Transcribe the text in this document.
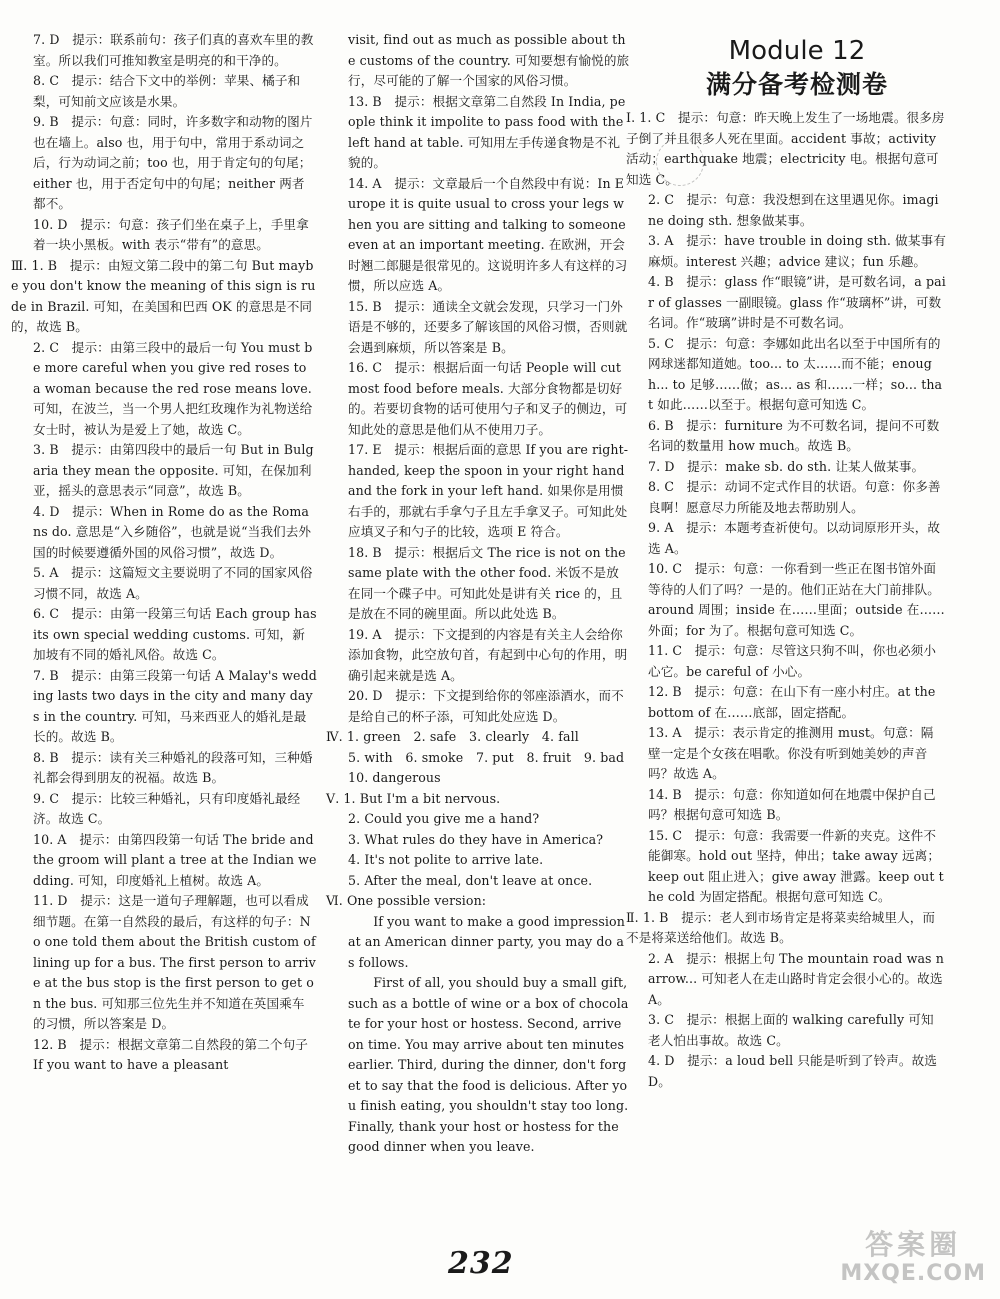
7. D　提示：联系前句：孩子们真的喜欢车里的教室。所以我们可推知教室是明亮的和干净的。

8. C　提示：结合下文中的举例：苹果、橘子和梨，可知前文应该是水果。

9. B　提示：句意：同时，许多数字和动物的图片也在墙上。also 也，用于句中，常用于系动词之后，行为动词之前；too 也，用于肯定句的句尾；either 也，用于否定句中的句尾；neither 两者都不。

10. D　提示：句意：孩子们坐在桌子上，手里拿着一块小黑板。with 表示“带有”的意思。

Ⅲ. 1. B　提示：由短文第二段中的第二句 But maybe you don't know the meaning of this sign is rude in Brazil. 可知，在美国和巴西 OK 的意思是不同的，故选 B。

2. C　提示：由第三段中的最后一句 You must be more careful when you give red roses to a woman because the red rose means love. 可知，在波兰，当一个男人把红玫瑰作为礼物送给女士时，被认为是爱上了她，故选 C。

3. B　提示：由第四段中的最后一句 But in Bulgaria they mean the opposite. 可知，在保加利亚，摇头的意思表示“同意”，故选 B。

4. D　提示：When in Rome do as the Romans do. 意思是“入乡随俗”，也就是说“当我们去外国的时候要遵循外国的风俗习惯”，故选 D。

5. A　提示：这篇短文主要说明了不同的国家风俗习惯不同，故选 A。

6. C　提示：由第一段第三句话 Each group has its own special wedding customs. 可知，新加坡有不同的婚礼风俗。故选 C。

7. B　提示：由第三段第一句话 A Malay's wedding lasts two days in the city and many days in the country. 可知，马来西亚人的婚礼是最长的。故选 B。

8. B　提示：读有关三种婚礼的段落可知，三种婚礼都会得到朋友的祝福。故选 B。

9. C　提示：比较三种婚礼，只有印度婚礼最经济。故选 C。

10. A　提示：由第四段第一句话 The bride and the groom will plant a tree at the Indian wedding. 可知，印度婚礼上植树。故选 A。

11. D　提示：这是一道句子理解题，也可以看成细节题。在第一自然段的最后，有这样的句子：No one told them about the British custom of lining up for a bus. The first person to arrive at the bus stop is the first person to get on the bus. 可知那三位先生并不知道在英国乘车的习惯，所以答案是 D。

12. B　提示：根据文章第二自然段的第二个句子 If you want to have a pleasant

visit, find out as much as possible about the customs of the country. 可知要想有愉悦的旅行，尽可能的了解一个国家的风俗习惯。

13. B　提示：根据文章第二自然段 In India, people think it impolite to pass food with the left hand at table. 可知用左手传递食物是不礼貌的。

14. A　提示：文章最后一个自然段中有说：In Europe it is quite usual to cross your legs when you are sitting and talking to someone even at an important meeting. 在欧洲，开会时翘二郎腿是很常见的。这说明许多人有这样的习惯，所以应选 A。

15. B　提示：通读全文就会发现，只学习一门外语是不够的，还要多了解该国的风俗习惯，否则就会遇到麻烦，所以答案是 B。

16. C　提示：根据后面一句话 People will cut most food before meals. 大部分食物都是切好的。若要切食物的话可使用勺子和叉子的侧边，可知此处的意思是他们从不使用刀子。

17. E　提示：根据后面的意思 If you are right-handed, keep the spoon in your right hand and the fork in your left hand. 如果你是用惯右手的，那就右手拿勺子且左手拿叉子。可知此处应填叉子和勺子的比较，选项 E 符合。

18. B　提示：根据后文 The rice is not on the same plate with the other food. 米饭不是放在同一个碟子中。可知此处是讲有关 rice 的，且是放在不同的碗里面。所以此处选 B。

19. A　提示：下文提到的内容是有关主人会给你添加食物，此空放句首，有起到中心句的作用，明确引起来就是选 A。

20. D　提示：下文提到给你的邻座添酒水，而不是给自己的杯子添，可知此处应选 D。

Ⅳ. 1. green　2. safe　3. clearly　4. fall

5. with　6. smoke　7. put　8. fruit　9. bad

10. dangerous

Ⅴ. 1. But I'm a bit nervous.

2. Could you give me a hand?

3. What rules do they have in America?

4. It's not polite to arrive late.

5. After the meal, don't leave at once.

Ⅵ. One possible version:

If you want to make a good impression at an American dinner party, you may do as follows.

First of all, you should buy a small gift, such as a bottle of wine or a box of chocolate for your host or hostess. Second, arrive on time. You may arrive about ten minutes earlier. Third, during the dinner, don't forget to say that the food is delicious. After you finish eating, you shouldn't stay too long. Finally, thank your host or hostess for the good dinner when you leave.

Module 12
满分备考检测卷

Ⅰ. 1. C　提示：句意：昨天晚上发生了一场地震。很多房子倒了并且很多人死在里面。accident 事故；activity 活动；earthquake 地震；electricity 电。根据句意可知选 C。

2. C　提示：句意：我没想到在这里遇见你。imagine doing sth. 想象做某事。

3. A　提示：have trouble in doing sth. 做某事有麻烦。interest 兴趣；advice 建议；fun 乐趣。

4. B　提示：glass 作“眼镜”讲，是可数名词，a pair of glasses 一副眼镜。glass 作“玻璃杯”讲，可数名词。作“玻璃”讲时是不可数名词。

5. C　提示：句意：李娜如此出名以至于中国所有的网球迷都知道她。too... to 太……而不能；enough... to 足够……做；as... as 和……一样；so... that 如此……以至于。根据句意可知选 C。

6. B　提示：furniture 为不可数名词，提问不可数名词的数量用 how much。故选 B。

7. D　提示：make sb. do sth. 让某人做某事。

8. C　提示：动词不定式作目的状语。句意：你多善良啊！愿意尽力所能及地去帮助别人。

9. A　提示：本题考查祈使句。以动词原形开头，故选 A。

10. C　提示：句意：一你看到一些正在图书馆外面等待的人们了吗？一是的。他们正站在大门前排队。around 周围；inside 在……里面；outside 在……外面；for 为了。根据句意可知选 C。

11. C　提示：句意：尽管这只狗不叫，你也必须小心它。be careful of 小心。

12. B　提示：句意：在山下有一座小村庄。at the bottom of 在……底部，固定搭配。

13. A　提示：表示肯定的推测用 must。句意：隔壁一定是个女孩在唱歌。你没有听到她美妙的声音吗？故选 A。

14. B　提示：句意：你知道如何在地震中保护自己吗？根据句意可知选 B。

15. C　提示：句意：我需要一件新的夹克。这件不能御寒。hold out 坚持，伸出；take away 远离；keep out 阻止进入；give away 泄露。keep out the cold 为固定搭配。根据句意可知选 C。

Ⅱ. 1. B　提示：老人到市场肯定是将菜卖给城里人，而不是将菜送给他们。故选 B。

2. A　提示：根据上句 The mountain road was narrow... 可知老人在走山路时肯定会很小心的。故选 A。

3. C　提示：根据上面的 walking carefully 可知老人怕出事故。故选 C。

4. D　提示：a loud bell 只能是听到了铃声。故选 D。

232
答案圈
MXQE.COM
